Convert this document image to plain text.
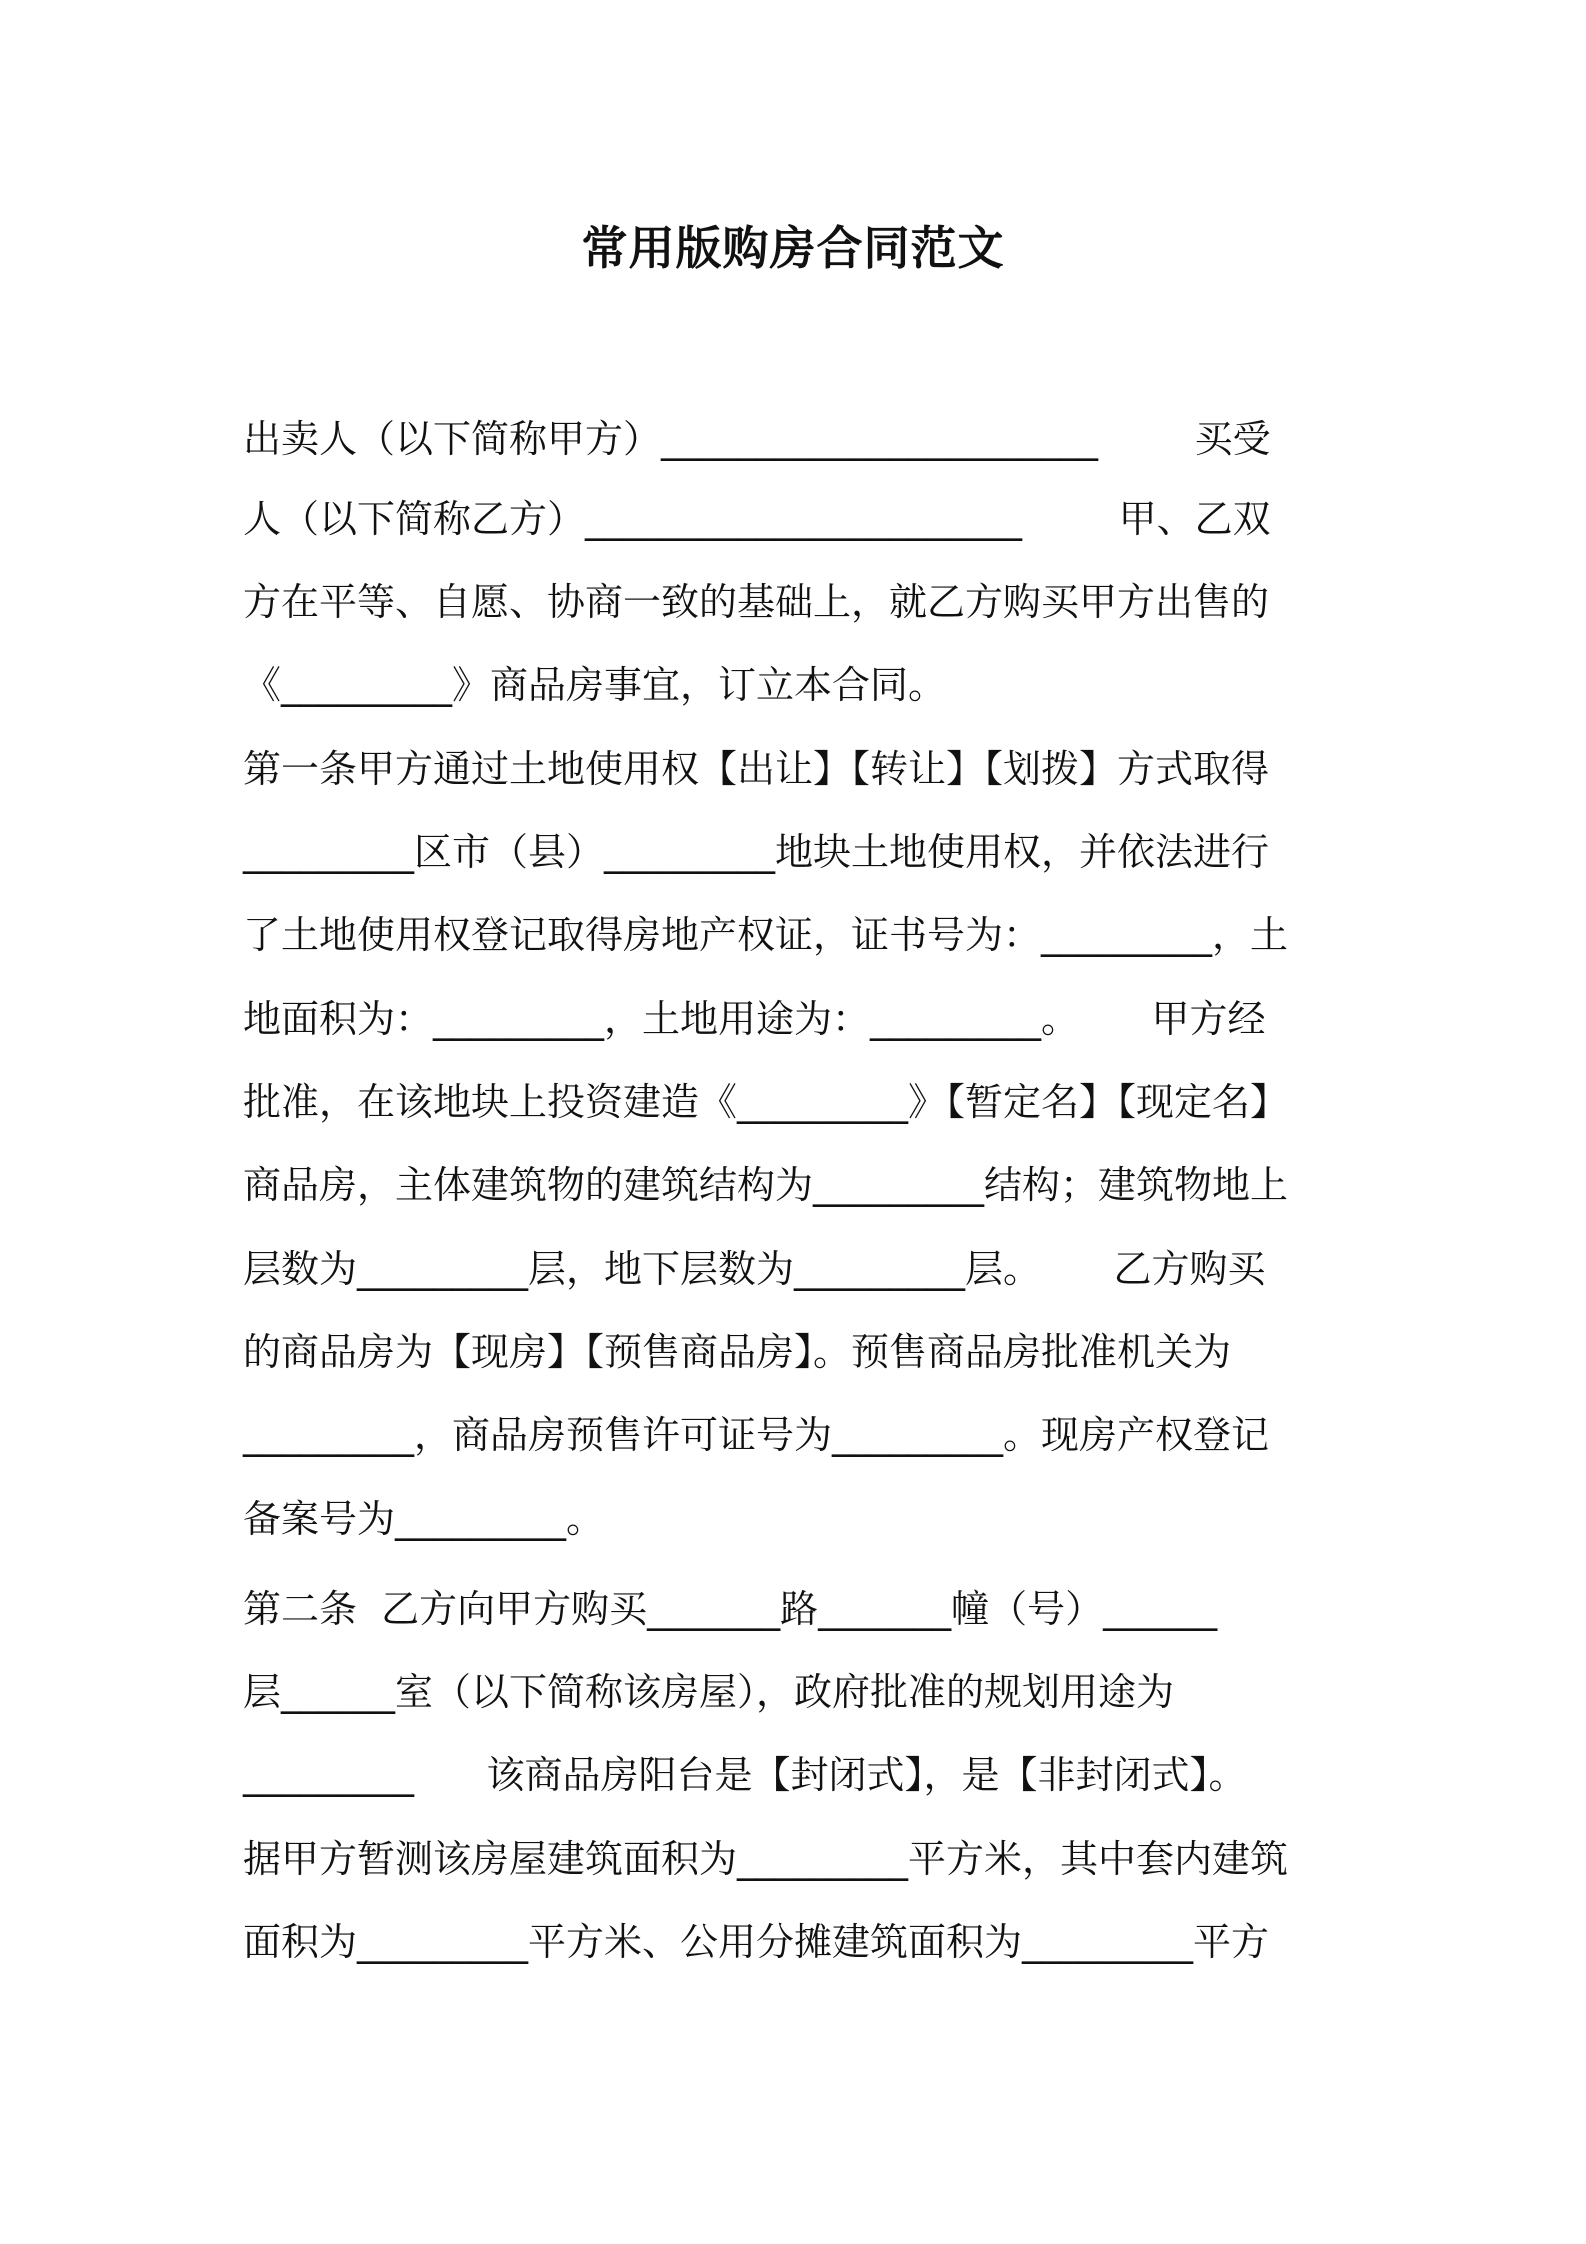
常用版购房合同范文
出卖人（以下简称甲方）_______________________        买受
人（以下简称乙方）_______________________        甲、乙双
方在平等、自愿、协商一致的基础上，就乙方购买甲方出售的
《_________》商品房事宜，订立本合同。
第一条甲方通过土地使用权【出让】【转让】【划拨】方式取得
_________区市（县）_________地块土地使用权，并依法进行
了土地使用权登记取得房地产权证，证书号为：_________，土
地面积为：_________，土地用途为：_________。      甲方经
批准，在该地块上投资建造《_________》【暂定名】【现定名】
商品房，主体建筑物的建筑结构为_________结构；建筑物地上
层数为_________层，地下层数为_________层。      乙方购买
的商品房为【现房】【预售商品房】。预售商品房批准机关为
_________，商品房预售许可证号为_________。现房产权登记
备案号为_________。
第二条  乙方向甲方购买_______路_______幢（号）______
层______室（以下简称该房屋），政府批准的规划用途为
_________      该商品房阳台是【封闭式】，是【非封闭式】。
据甲方暂测该房屋建筑面积为_________平方米，其中套内建筑
面积为_________平方米、公用分摊建筑面积为_________平方
